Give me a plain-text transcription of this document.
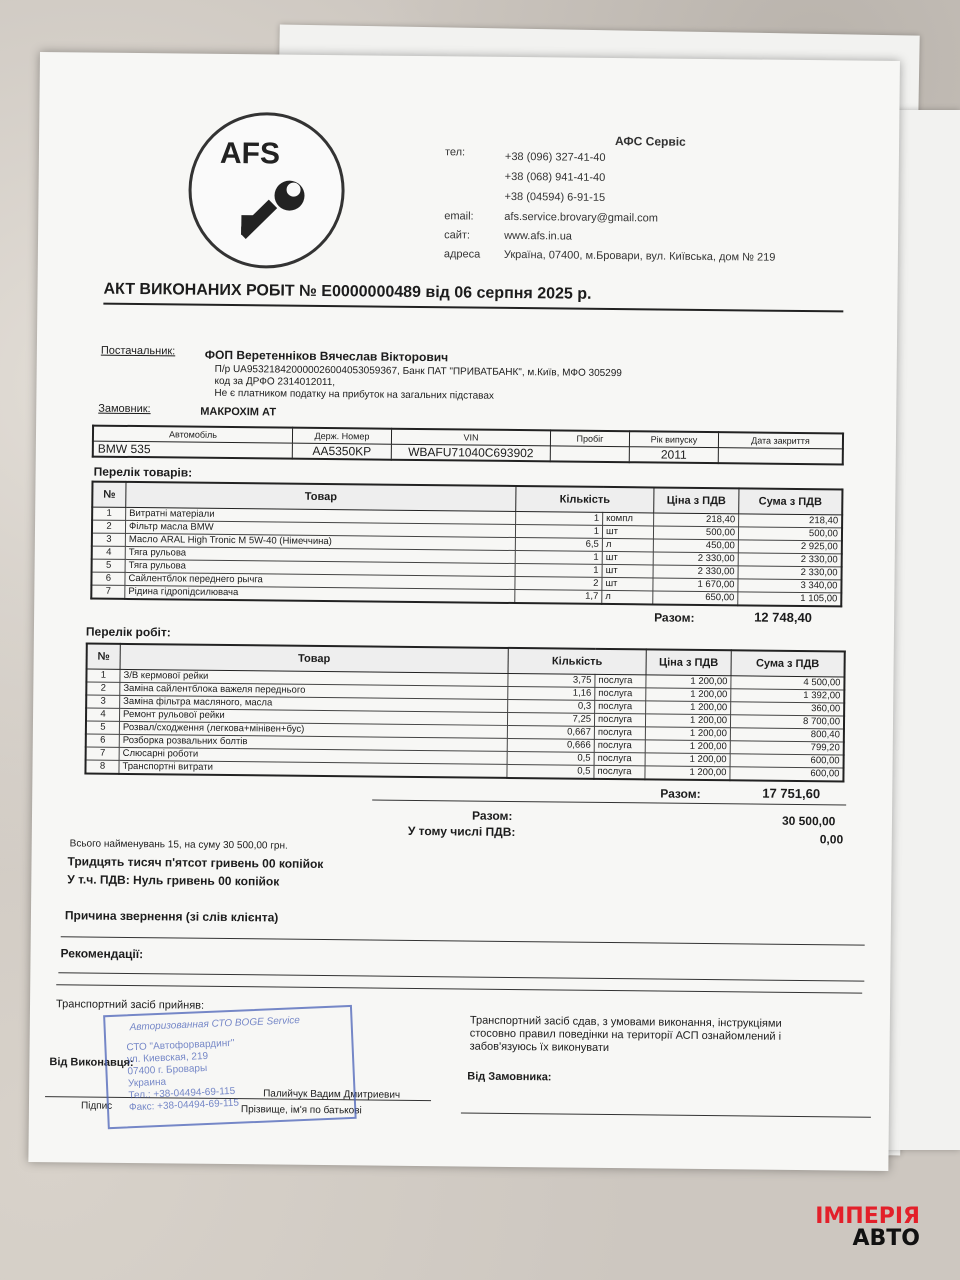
AFS	АФС Сервіс
тел:	+38 (096) 327-41-40
+38 (068) 941-41-40
+38 (04594) 6-91-15
email:	afs.service.brovary@gmail.com
сайт:	www.afs.in.ua
адреса	Україна, 07400, м.Бровари, вул. Київська, дом № 219
АКТ ВИКОНАНИХ РОБІТ № Е0000000489 від 06 серпня 2025 р.
Постачальник: ФОП Веретенніков Вячеслав Вікторович
П/р UA953218420000026004053059367, Банк ПАТ "ПРИВАТБАНК", м.Київ, МФО 305299
код за ДРФО 2314012011,
Не є платником податку на прибуток на загальних підставах
Замовник:	МАКРОХІМ АТ
Автомобіль	Держ. Номер	VIN	Пробіг	Рік випуску	Дата закриття
BMW 535	AA5350KP	WBAFU71040C693902		2011	
Перелік товарів:
№	Товар	Кількість		Ціна з ПДВ	Сума з ПДВ
1	Витратні матеріали	1	компл	218,40	218,40
2	Фільтр масла BMW	1	шт	500,00	500,00
3	Масло ARAL High Tronic M 5W-40 (Німеччина)	6,5	л	450,00	2 925,00
4	Тяга рульова	1	шт	2 330,00	2 330,00
5	Тяга рульова	1	шт	2 330,00	2 330,00
6	Сайлентблок переднего рычга	2	шт	1 670,00	3 340,00
7	Рідина гідропідсилювача	1,7	л	650,00	1 105,00
Разом:	12 748,40
Перелік робіт:
№	Товар	Кількість		Ціна з ПДВ	Сума з ПДВ
1	З/В кермової рейки	3,75	послуга	1 200,00	4 500,00
2	Заміна сайлентблока важеля переднього	1,16	послуга	1 200,00	1 392,00
3	Заміна фільтра масляного, масла	0,3	послуга	1 200,00	360,00
4	Ремонт рульової рейки	7,25	послуга	1 200,00	8 700,00
5	Розвал/сходження (легкова+мінівен+бус)	0,667	послуга	1 200,00	800,40
6	Розборка розвальних болтів	0,666	послуга	1 200,00	799,20
7	Слюсарні роботи	0,5	послуга	1 200,00	600,00
8	Транспортні витрати	0,5	послуга	1 200,00	600,00
Разом:	17 751,60
Разом:	30 500,00
У тому числі ПДВ:
0,00
Всього найменувань 15, на суму 30 500,00 грн.
Тридцять тисяч п'ятсот гривень 00 копійок
У т.ч. ПДВ: Нуль гривень 00 копійок
Причина звернення (зі слів клієнта)
Рекомендації:
Транспортний засіб прийняв:
Від Виконавця:
Підпис
Палийчук Вадим Дмитриевич
Прізвище, ім'я по батькові
Транспортний засіб сдав, з умовами виконання, інструкціями стосовно правил поведінки на території АСП ознайомлений і забов'язуюсь їх виконувати
Від Замовника:
Авторизованная СТО BOGE Service
СТО "Автофорвардинг"
ул. Киевская, 219
07400 г. Бровары
Украина
Тел.: +38-04494-69-115
Факс: +38-04494-69-115
ІМПЕРІЯ
АВТО
